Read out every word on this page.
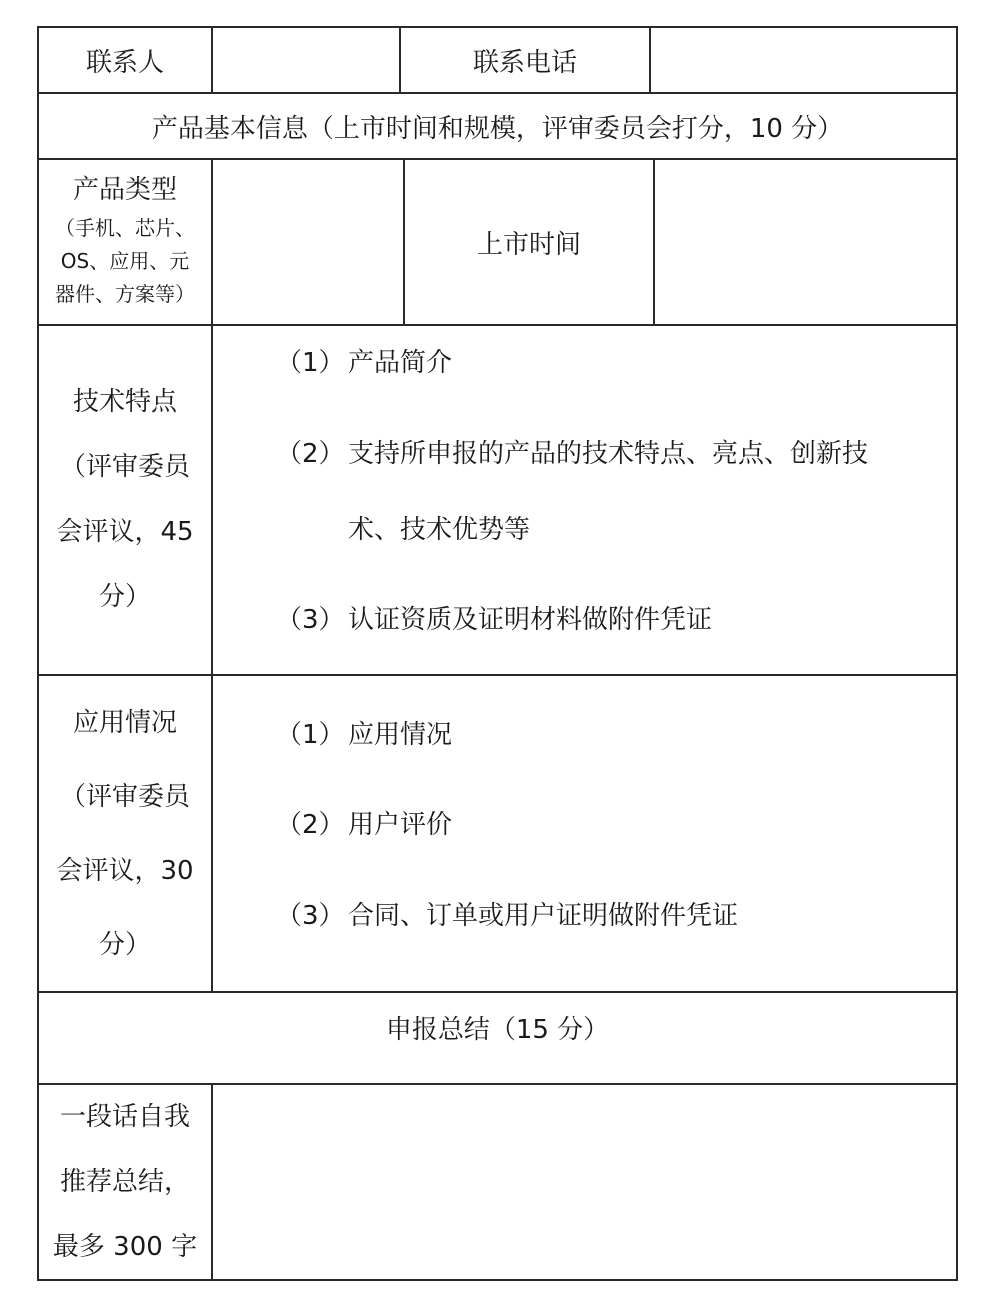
联系人	联系电话
产品基本信息（上市时间和规模，评审委员会打分，10 分）
产品类型
（手机、芯片、
OS、应用、元
器件、方案等）
上市时间
技术特点
（评审委员
会评议，45
分）
（1） 产品简介
（2） 支持所申报的产品的技术特点、亮点、创新技
术、技术优势等
（3） 认证资质及证明材料做附件凭证
应用情况
（评审委员
会评议，30
分）
（1） 应用情况
（2） 用户评价
（3） 合同、订单或用户证明做附件凭证
申报总结（15 分）
一段话自我
推荐总结，
最多 300 字
